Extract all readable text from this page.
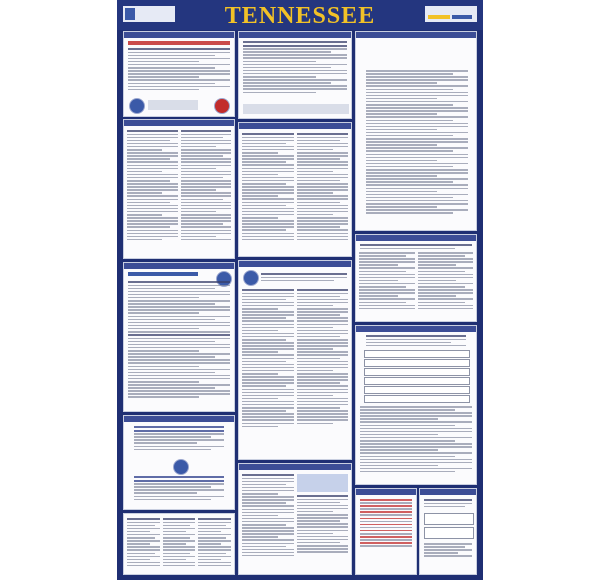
TENNESSEE
